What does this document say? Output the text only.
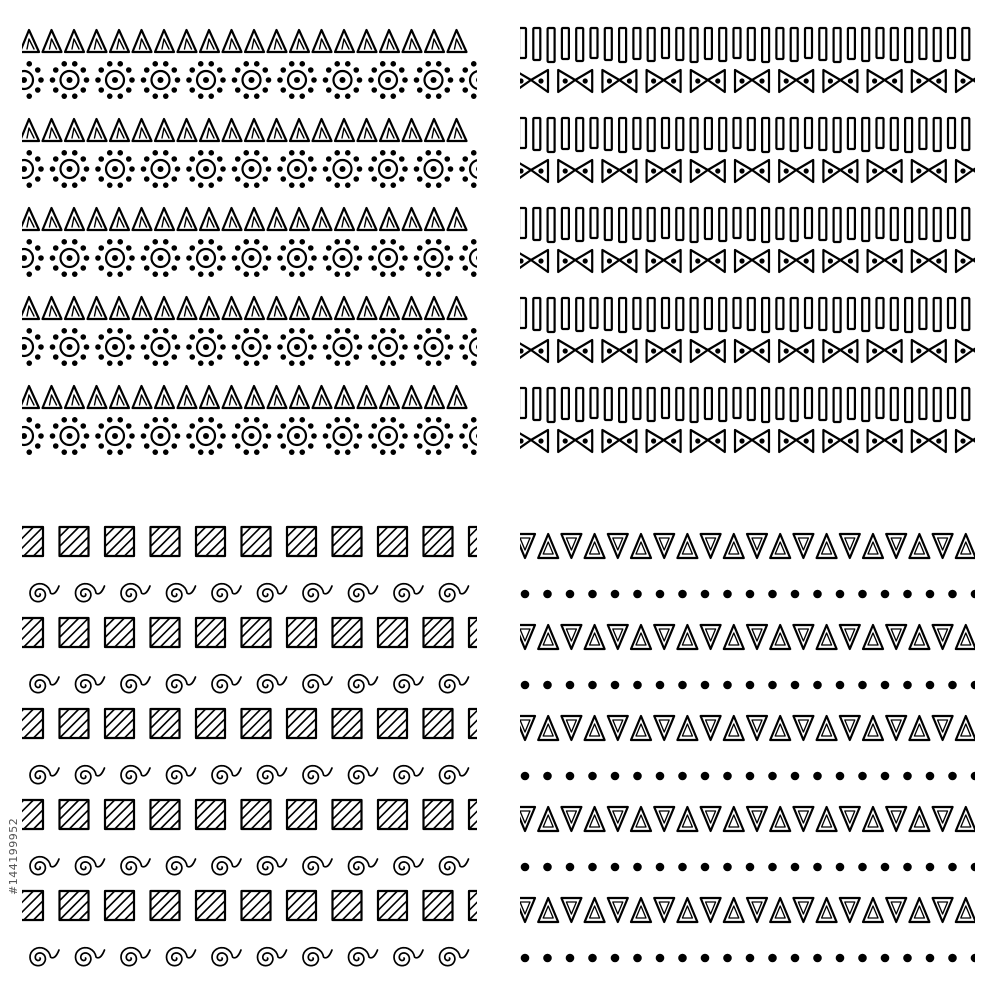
#144199952
